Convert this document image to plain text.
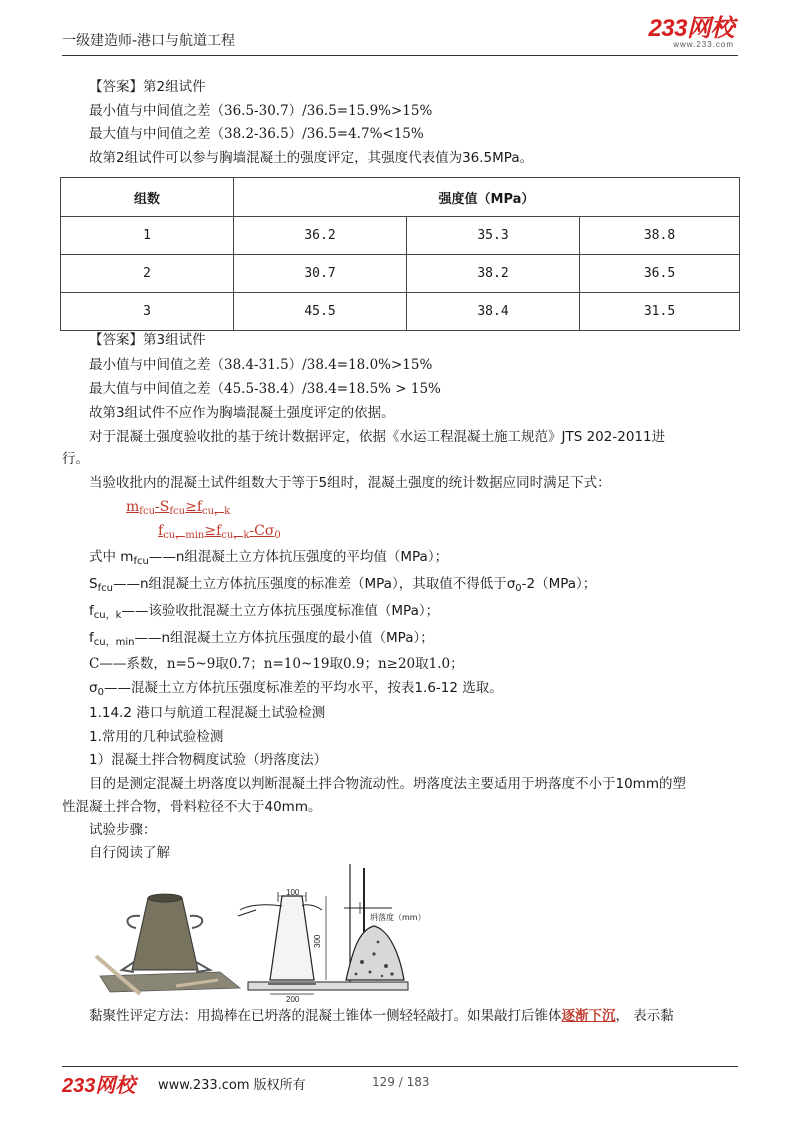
一级建造师-港口与航道工程	233网校
www.233.com
【答案】第2组试件
最小值与中间值之差（36.5-30.7）/36.5=15.9%>15%
最大值与中间值之差（38.2-36.5）/36.5=4.7%<15%
故第2组试件可以参与胸墙混凝土的强度评定，其强度代表值为36.5MPa。
组数	强度值（MPa）		
1	36.2	35.3	38.8
2	30.7	38.2	36.5
3	45.5	38.4	31.5
【答案】第3组试件
最小值与中间值之差（38.4-31.5）/38.4=18.0%>15%
最大值与中间值之差（45.5-38.4）/38.4=18.5% > 15%
故第3组试件不应作为胸墙混凝土强度评定的依据。
对于混凝土强度验收批的基于统计数据评定，依据《水运工程混凝土施工规范》JTS 202-2011进
行。
当验收批内的混凝土试件组数大于等于5组时，混凝土强度的统计数据应同时满足下式：
$m_{fcu}-S_{fcu}\ge f_{cu,k}$
$f_{cu,min}\ge f_{cu,k}-C\sigma_0$
式中 $m_{fcu}——n$组混凝土立方体抗压强度的平均值（MPa）；
$S_{fcu}——n$组混凝土立方体抗压强度的标准差（MPa），其取值不得低于$\sigma_0-2(MPa)$；
$f_{cu,k}——$该验收批混凝土立方体抗压强度标准值（MPa）；
$f_{cu,min}——n$组混凝土立方体抗压强度的最小值（MPa）；
C——系数，n=5~9取0.7；n=10~19取0.9；n≥20取1.0；
$\sigma_0——$混凝土立方体抗压强度标准差的平均水平，按表1.6-12 选取。
1.14.2 港口与航道工程混凝土试验检测
1.常用的几种试验检测
1）混凝土拌合物稠度试验（坍落度法）
目的是测定混凝土坍落度以判断混凝土拌合物流动性。坍落度法主要适用于坍落度不小于10mm的塑
性混凝土拌合物，骨料粒径不大于40mm。
试验步骤：
自行阅读了解
100
300
200
坍落度（mm）
黏聚性评定方法：用捣棒在已坍落的混凝土锥体一侧轻轻敲打。如果敲打后锥体逐渐下沉， 表示黏
233网校 www.233.com 版权所有	129 / 183
